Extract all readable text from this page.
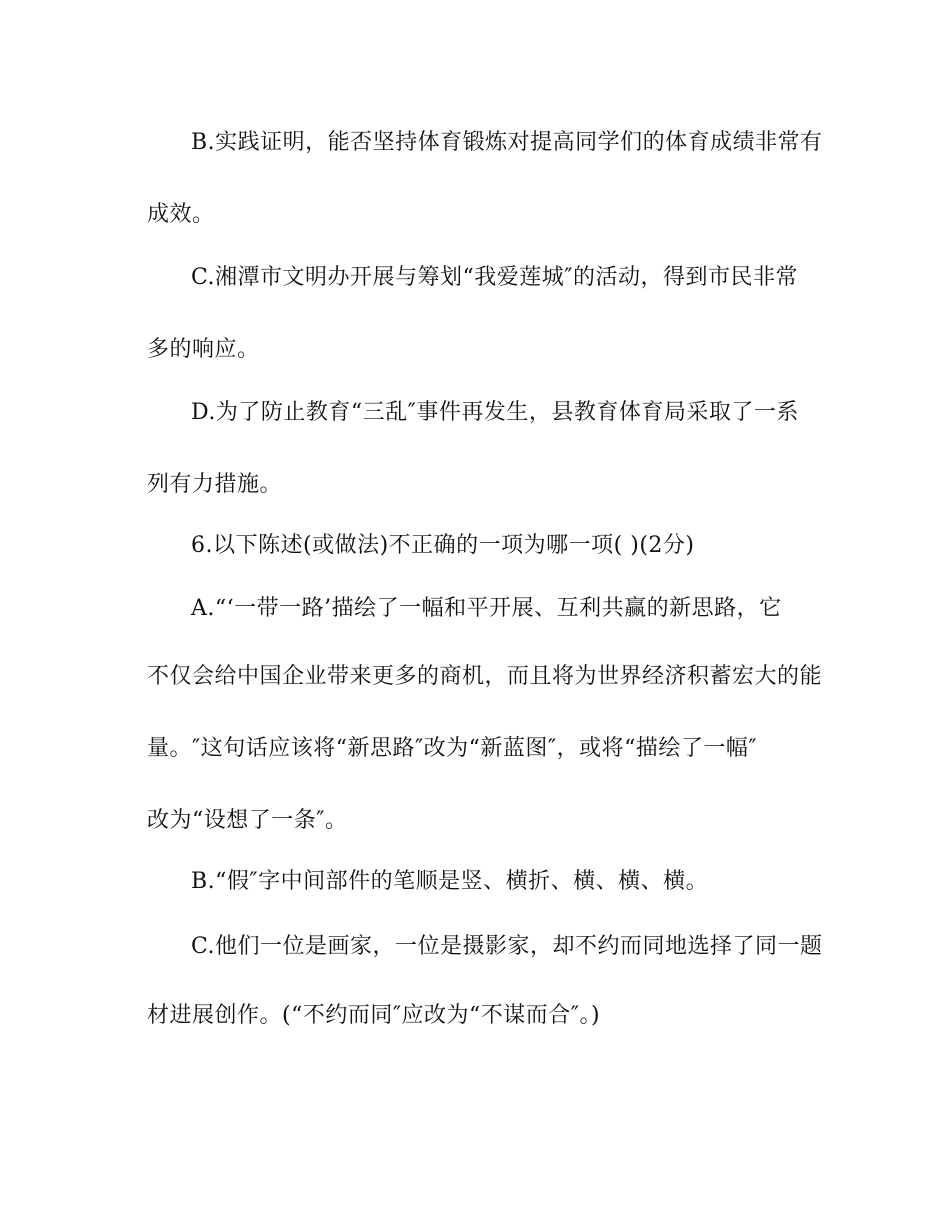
B.实践证明，能否坚持体育锻炼对提高同学们的体育成绩非常有
成效。
C.湘潭市文明办开展与筹划“我爱莲城″的活动，得到市民非常
多的响应。
D.为了防止教育“三乱″事件再发生，县教育体育局采取了一系
列有力措施。
6.以下陈述(或做法)不正确的一项为哪一项( )(2分)
A.“‘一带一路’描绘了一幅和平开展、互利共赢的新思路，它
不仅会给中国企业带来更多的商机，而且将为世界经济积蓄宏大的能
量。″这句话应该将“新思路″改为“新蓝图″，或将“描绘了一幅″
改为“设想了一条″。
B.“假″字中间部件的笔顺是竖、横折、横、横、横。
C.他们一位是画家，一位是摄影家，却不约而同地选择了同一题
材进展创作。(“不约而同″应改为“不谋而合″。)
